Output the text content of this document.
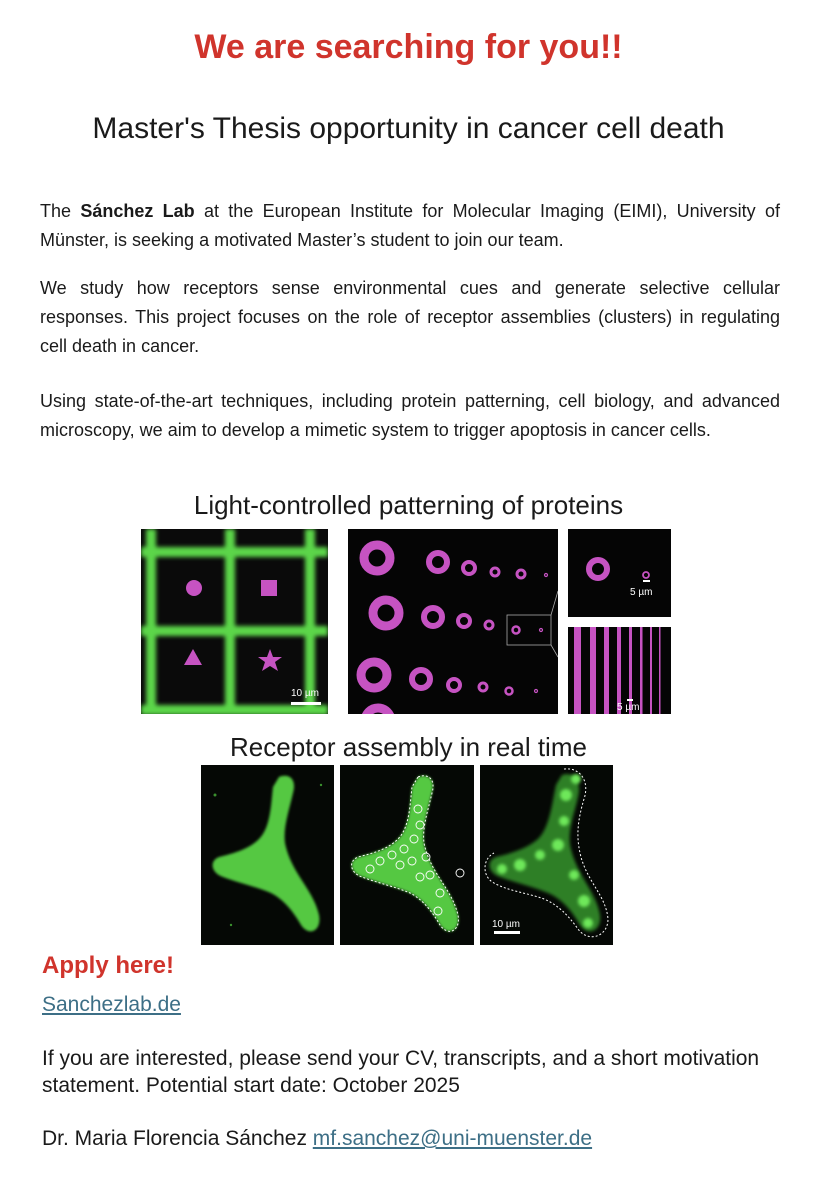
We are searching for you!!
Master's Thesis opportunity in cancer cell death

The Sánchez Lab at the European Institute for Molecular Imaging (EIMI), University of Münster, is seeking a motivated Master’s student to join our team.

We study how receptors sense environmental cues and generate selective cellular responses. This project focuses on the role of receptor assemblies (clusters) in regulating cell death in cancer.

Using state-of-the-art techniques, including protein patterning, cell biology, and advanced microscopy, we aim to develop a mimetic system to trigger apoptosis in cancer cells.

Light-controlled patterning of proteins
10 µm
5 µm
5 µm
Receptor assembly in real time
10 µm
Apply here!
Sanchezlab.de

If you are interested, please send your CV, transcripts, and a short motivation statement. Potential start date: October 2025

Dr. Maria Florencia Sánchez mf.sanchez@uni-muenster.de
